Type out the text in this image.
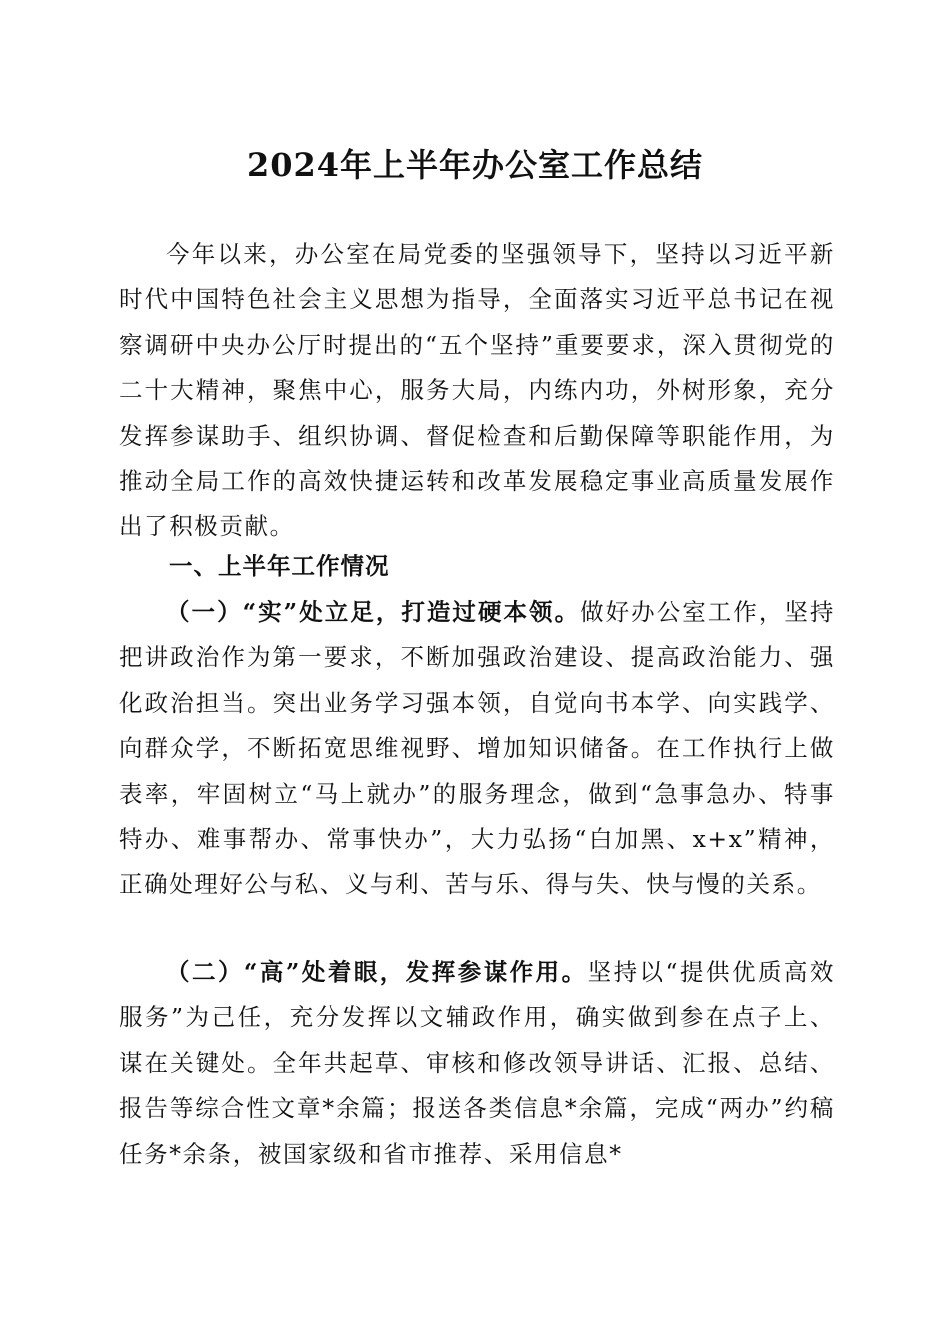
2024年上半年办公室工作总结

今年以来，办公室在局党委的坚强领导下，坚持以习近平新时代中国特色社会主义思想为指导，全面落实习近平总书记在视察调研中央办公厅时提出的“五个坚持”重要要求，深入贯彻党的二十大精神，聚焦中心，服务大局，内练内功，外树形象，充分发挥参谋助手、组织协调、督促检查和后勤保障等职能作用，为推动全局工作的高效快捷运转和改革发展稳定事业高质量发展作出了积极贡献。

一、上半年工作情况

（一）“实”处立足，打造过硬本领。做好办公室工作，坚持把讲政治作为第一要求，不断加强政治建设、提高政治能力、强化政治担当。突出业务学习强本领，自觉向书本学、向实践学、向群众学，不断拓宽思维视野、增加知识储备。在工作执行上做表率，牢固树立“马上就办”的服务理念，做到“急事急办、特事特办、难事帮办、常事快办”，大力弘扬“白加黑、x+x”精神，正确处理好公与私、义与利、苦与乐、得与失、快与慢的关系。

（二）“高”处着眼，发挥参谋作用。坚持以“提供优质高效服务”为己任，充分发挥以文辅政作用，确实做到参在点子上、谋在关键处。全年共起草、审核和修改领导讲话、汇报、总结、报告等综合性文章*余篇；报送各类信息*余篇，完成“两办”约稿任务*余条，被国家级和省市推荐、采用信息*
